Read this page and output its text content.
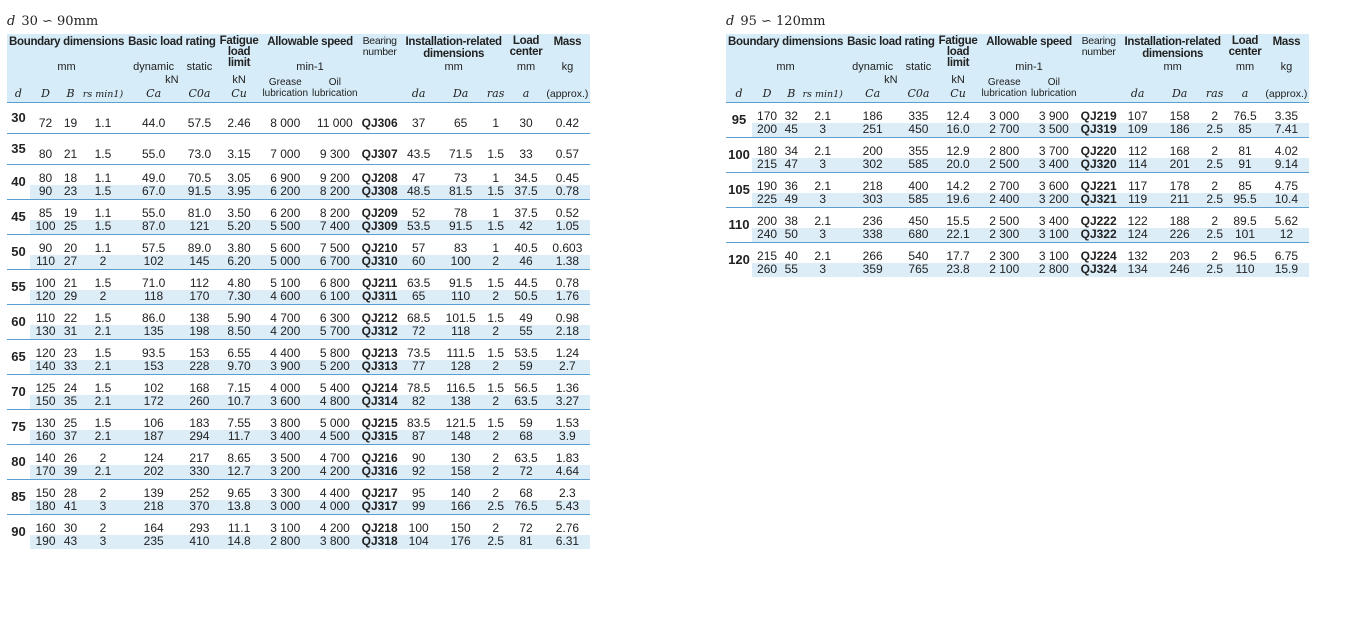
d 30 ∽ 90mm
Boundary dimensions				Basic load rating		Fatigue load limit	Allowable speed		Bearing number	Installation-related dimensions			Load center	Mass
mm				dynamic	static		min-1			mm			mm	kg
				kN		kN	Grease lubrication	Oil lubrication						
d	D	B	rs min1)	Ca	C0a	Cu				da	Da	ras	a	(approx.)

30	72	19	1.1	44.0	57.5	2.46	8 000	11 000	QJ306	37	65	1	30	0.42
35	80	21	1.5	55.0	73.0	3.15	7 000	9 300	QJ307	43.5	71.5	1.5	33	0.57
40	80	18	1.1	49.0	70.5	3.05	6 900	9 200	QJ208	47	73	1	34.5	0.45
	90	23	1.5	67.0	91.5	3.95	6 200	8 200	QJ308	48.5	81.5	1.5	37.5	0.78
45	85	19	1.1	55.0	81.0	3.50	6 200	8 200	QJ209	52	78	1	37.5	0.52
	100	25	1.5	87.0	121	5.20	5 500	7 400	QJ309	53.5	91.5	1.5	42	1.05
50	90	20	1.1	57.5	89.0	3.80	5 600	7 500	QJ210	57	83	1	40.5	0.603
	110	27	2	102	145	6.20	5 000	6 700	QJ310	60	100	2	46	1.38
55	100	21	1.5	71.0	112	4.80	5 100	6 800	QJ211	63.5	91.5	1.5	44.5	0.78
	120	29	2	118	170	7.30	4 600	6 100	QJ311	65	110	2	50.5	1.76
60	110	22	1.5	86.0	138	5.90	4 700	6 300	QJ212	68.5	101.5	1.5	49	0.98
	130	31	2.1	135	198	8.50	4 200	5 700	QJ312	72	118	2	55	2.18
65	120	23	1.5	93.5	153	6.55	4 400	5 800	QJ213	73.5	111.5	1.5	53.5	1.24
	140	33	2.1	153	228	9.70	3 900	5 200	QJ313	77	128	2	59	2.7
70	125	24	1.5	102	168	7.15	4 000	5 400	QJ214	78.5	116.5	1.5	56.5	1.36
	150	35	2.1	172	260	10.7	3 600	4 800	QJ314	82	138	2	63.5	3.27
75	130	25	1.5	106	183	7.55	3 800	5 000	QJ215	83.5	121.5	1.5	59	1.53
	160	37	2.1	187	294	11.7	3 400	4 500	QJ315	87	148	2	68	3.9
80	140	26	2	124	217	8.65	3 500	4 700	QJ216	90	130	2	63.5	1.83
	170	39	2.1	202	330	12.7	3 200	4 200	QJ316	92	158	2	72	4.64
85	150	28	2	139	252	9.65	3 300	4 400	QJ217	95	140	2	68	2.3
	180	41	3	218	370	13.8	3 000	4 000	QJ317	99	166	2.5	76.5	5.43
90	160	30	2	164	293	11.1	3 100	4 200	QJ218	100	150	2	72	2.76
	190	43	3	235	410	14.8	2 800	3 800	QJ318	104	176	2.5	81	6.31
d 95 ∽ 120mm
Boundary dimensions				Basic load rating		Fatigue load limit	Allowable speed		Bearing number	Installation-related dimensions			Load center	Mass
mm				dynamic	static		min-1			mm			mm	kg
				kN		kN	Grease lubrication	Oil lubrication						
d	D	B	rs min1)	Ca	C0a	Cu				da	Da	ras	a	(approx.)

95	170	32	2.1	186	335	12.4	3 000	3 900	QJ219	107	158	2	76.5	3.35
	200	45	3	251	450	16.0	2 700	3 500	QJ319	109	186	2.5	85	7.41
100	180	34	2.1	200	355	12.9	2 800	3 700	QJ220	112	168	2	81	4.02
	215	47	3	302	585	20.0	2 500	3 400	QJ320	114	201	2.5	91	9.14
105	190	36	2.1	218	400	14.2	2 700	3 600	QJ221	117	178	2	85	4.75
	225	49	3	303	585	19.6	2 400	3 200	QJ321	119	211	2.5	95.5	10.4
110	200	38	2.1	236	450	15.5	2 500	3 400	QJ222	122	188	2	89.5	5.62
	240	50	3	338	680	22.1	2 300	3 100	QJ322	124	226	2.5	101	12
120	215	40	2.1	266	540	17.7	2 300	3 100	QJ224	132	203	2	96.5	6.75
	260	55	3	359	765	23.8	2 100	2 800	QJ324	134	246	2.5	110	15.9
